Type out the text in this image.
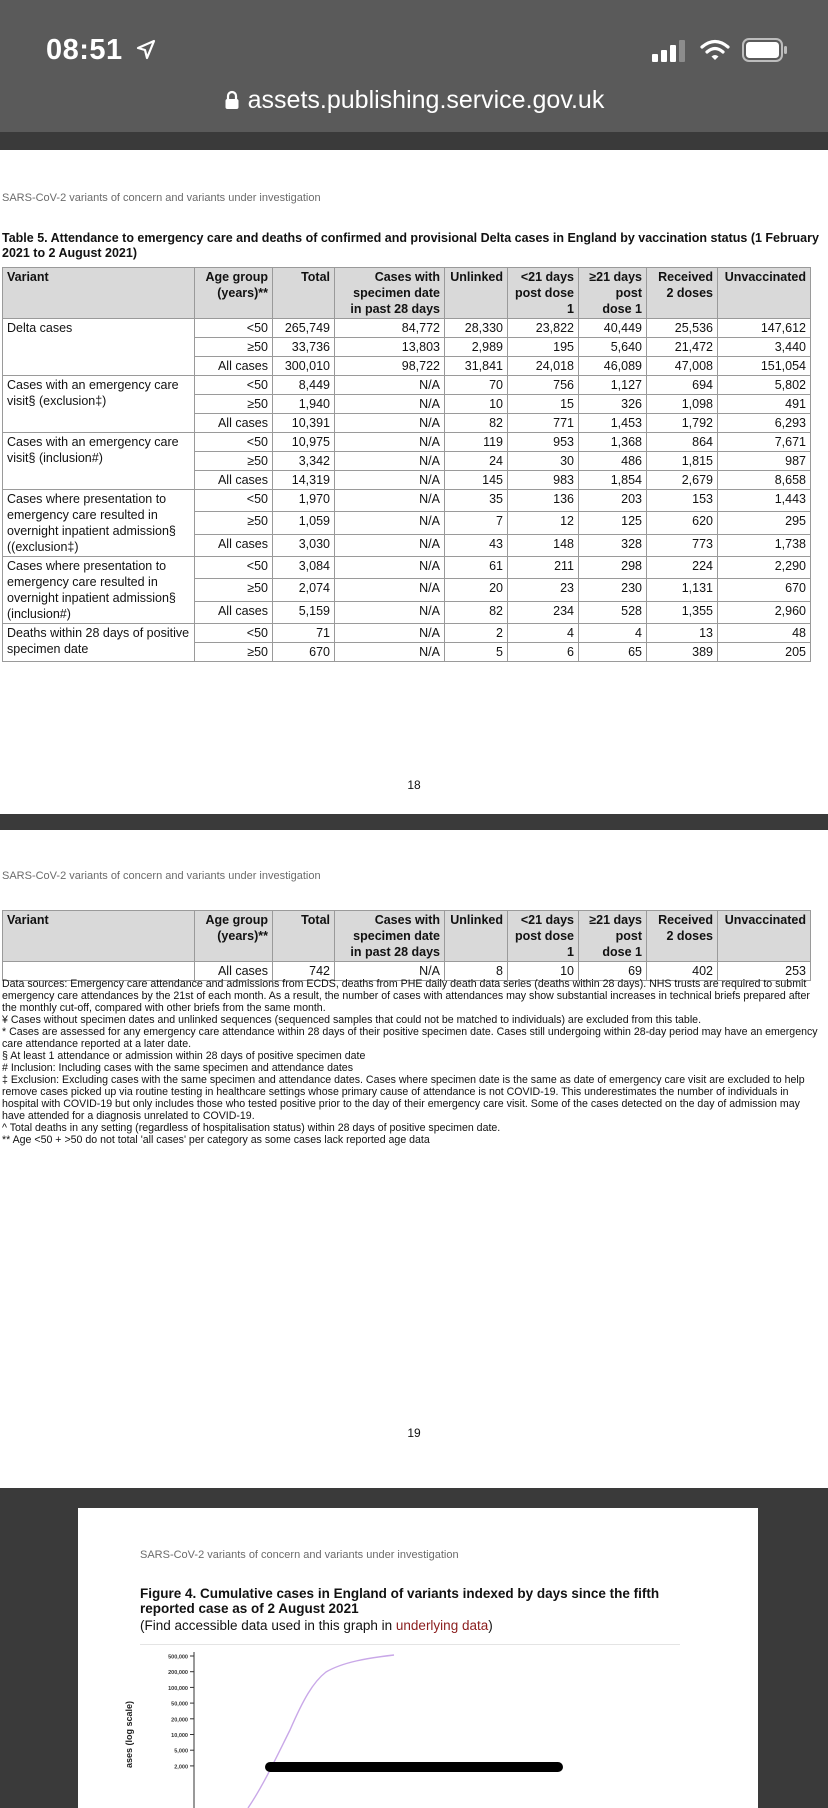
08:51
assets.publishing.service.gov.uk
SARS-CoV-2 variants of concern and variants under investigation
Table 5. Attendance to emergency care and deaths of confirmed and provisional Delta cases in England by vaccination status (1 February 2021 to 2 August 2021)
Variant	Age group (years)**	Total	Cases with specimen date in past 28 days	Unlinked	<21 days post dose 1	≥21 days post dose 1	Received 2 doses	Unvaccinated
Delta cases	<50	265,749	84,772	28,330	23,822	40,449	25,536	147,612
	≥50	33,736	13,803	2,989	195	5,640	21,472	3,440
	All cases	300,010	98,722	31,841	24,018	46,089	47,008	151,054
Cases with an emergency care visit§ (exclusion‡)	<50	8,449	N/A	70	756	1,127	694	5,802
	≥50	1,940	N/A	10	15	326	1,098	491
	All cases	10,391	N/A	82	771	1,453	1,792	6,293
Cases with an emergency care visit§ (inclusion#)	<50	10,975	N/A	119	953	1,368	864	7,671
	≥50	3,342	N/A	24	30	486	1,815	987
	All cases	14,319	N/A	145	983	1,854	2,679	8,658
Cases where presentation to emergency care resulted in overnight inpatient admission§ ((exclusion‡)	<50	1,970	N/A	35	136	203	153	1,443
	≥50	1,059	N/A	7	12	125	620	295
	All cases	3,030	N/A	43	148	328	773	1,738
Cases where presentation to emergency care resulted in overnight inpatient admission§ (inclusion#)	<50	3,084	N/A	61	211	298	224	2,290
	≥50	2,074	N/A	20	23	230	1,131	670
	All cases	5,159	N/A	82	234	528	1,355	2,960
Deaths within 28 days of positive specimen date	<50	71	N/A	2	4	4	13	48
	≥50	670	N/A	5	6	65	389	205
18
SARS-CoV-2 variants of concern and variants under investigation
Variant	Age group (years)**	Total	Cases with specimen date in past 28 days	Unlinked	<21 days post dose 1	≥21 days post dose 1	Received 2 doses	Unvaccinated
	All cases	742	N/A	8	10	69	402	253

Data sources: Emergency care attendance and admissions from ECDS, deaths from PHE daily death data series (deaths within 28 days). NHS trusts are required to submit emergency care attendances by the 21st of each month. As a result, the number of cases with attendances may show substantial increases in technical briefs prepared after the monthly cut-off, compared with other briefs from the same month.

¥ Cases without specimen dates and unlinked sequences (sequenced samples that could not be matched to individuals) are excluded from this table.

* Cases are assessed for any emergency care attendance within 28 days of their positive specimen date. Cases still undergoing within 28-day period may have an emergency care attendance reported at a later date.

§ At least 1 attendance or admission within 28 days of positive specimen date

# Inclusion: Including cases with the same specimen and attendance dates

‡ Exclusion: Excluding cases with the same specimen and attendance dates. Cases where specimen date is the same as date of emergency care visit are excluded to help remove cases picked up via routine testing in healthcare settings whose primary cause of attendance is not COVID-19. This underestimates the number of individuals in hospital with COVID-19 but only includes those who tested positive prior to the day of their emergency care visit. Some of the cases detected on the day of admission may have attended for a diagnosis unrelated to COVID-19.

^ Total deaths in any setting (regardless of hospitalisation status) within 28 days of positive specimen date.

** Age <50 + >50 do not total 'all cases' per category as some cases lack reported age data

19
SARS-CoV-2 variants of concern and variants under investigation
Figure 4. Cumulative cases in England of variants indexed by days since the fifth reported case as of 2 August 2021
(Find accessible data used in this graph in underlying data)
ases (log scale)
500,000
200,000
100,000
50,000
20,000
10,000
5,000
2,000
